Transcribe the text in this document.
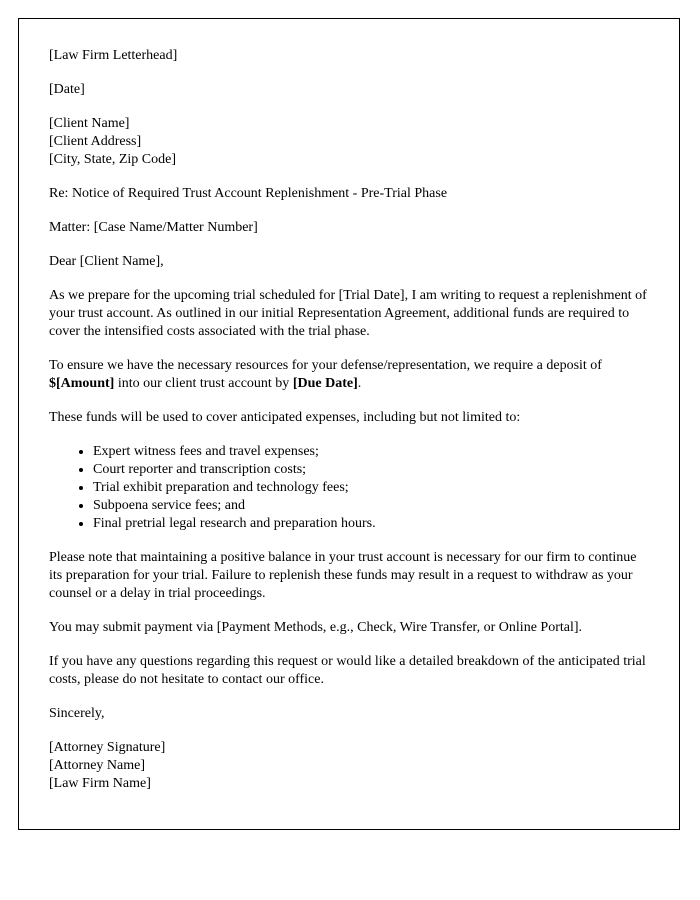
[Law Firm Letterhead]

[Date]

[Client Name]
[Client Address]
[City, State, Zip Code]

Re: Notice of Required Trust Account Replenishment - Pre-Trial Phase

Matter: [Case Name/Matter Number]

Dear [Client Name],

As we prepare for the upcoming trial scheduled for [Trial Date], I am writing to request a replenishment of your trust account. As outlined in our initial Representation Agreement, additional funds are required to cover the intensified costs associated with the trial phase.

To ensure we have the necessary resources for your defense/representation, we require a deposit of $[Amount] into our client trust account by [Due Date].

These funds will be used to cover anticipated expenses, including but not limited to:

• Expert witness fees and travel expenses;
• Court reporter and transcription costs;
• Trial exhibit preparation and technology fees;
• Subpoena service fees; and
• Final pretrial legal research and preparation hours.

Please note that maintaining a positive balance in your trust account is necessary for our firm to continue its preparation for your trial. Failure to replenish these funds may result in a request to withdraw as your counsel or a delay in trial proceedings.

You may submit payment via [Payment Methods, e.g., Check, Wire Transfer, or Online Portal].

If you have any questions regarding this request or would like a detailed breakdown of the anticipated trial costs, please do not hesitate to contact our office.

Sincerely,

[Attorney Signature]
[Attorney Name]
[Law Firm Name]
